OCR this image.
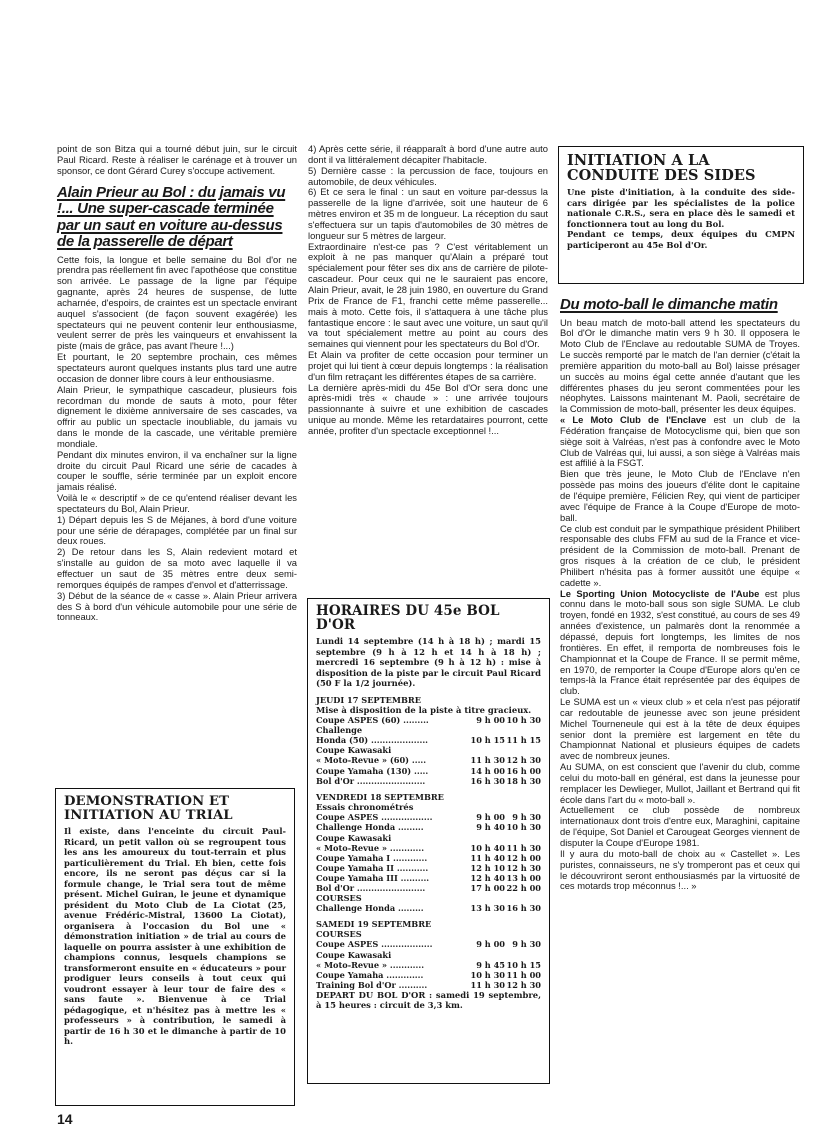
point de son Bitza qui a tourné début juin, sur le circuit Paul Ricard. Reste à réaliser le carénage et à trouver un sponsor, ce dont Gérard Curey s'occupe activement.

Alain Prieur au Bol : du jamais vu !... Une super-cascade terminée par un saut en voiture au-dessus de la passerelle de départ

Cette fois, la longue et belle semaine du Bol d'or ne prendra pas réellement fin avec l'apothéose que constitue son arrivée. Le passage de la ligne par l'équipe gagnante, après 24 heures de suspense, de lutte acharnée, d'espoirs, de craintes est un spectacle envirant auquel s'associent (de façon souvent exagérée) les spectateurs qui ne peuvent contenir leur enthousiasme, veulent serrer de près les vainqueurs et envahissent la piste (mais de grâce, pas avant l'heure !...)

Et pourtant, le 20 septembre prochain, ces mêmes spectateurs auront quelques instants plus tard une autre occasion de donner libre cours à leur enthousiasme.

Alain Prieur, le sympathique cascadeur, plusieurs fois recordman du monde de sauts à moto, pour fêter dignement le dixième anniversaire de ses cascades, va offrir au public un spectacle inoubliable, du jamais vu dans le monde de la cascade, une véritable première mondiale.

Pendant dix minutes environ, il va enchaîner sur la ligne droite du circuit Paul Ricard une série de cacades à couper le souffle, série terminée par un exploit encore jamais réalisé.

Voilà le « descriptif » de ce qu'entend réaliser devant les spectateurs du Bol, Alain Prieur.

1) Départ depuis les S de Méjanes, à bord d'une voiture pour une série de dérapages, complétée par un final sur deux roues.

2) De retour dans les S, Alain redevient motard et s'installe au guidon de sa moto avec laquelle il va effectuer un saut de 35 mètres entre deux semi-remorques équipés de rampes d'envol et d'atterrissage.

3) Début de la séance de « casse ». Alain Prieur arrivera des S à bord d'un véhicule automobile pour une série de tonneaux.

DEMONSTRATION ET INITIATION AU TRIAL

Il existe, dans l'enceinte du circuit Paul-Ricard, un petit vallon où se regroupent tous les ans les amoureux du tout-terrain et plus particulièrement du Trial. Eh bien, cette fois encore, ils ne seront pas déçus car si la formule change, le Trial sera tout de même présent. Michel Guiran, le jeune et dynamique président du Moto Club de La Ciotat (25, avenue Frédéric-Mistral, 13600 La Ciotat), organisera à l'occasion du Bol une « démonstration initiation » de trial au cours de laquelle on pourra assister à une exhibition de champions connus, lesquels champions se transformeront ensuite en « éducateurs » pour prodiguer leurs conseils à tout ceux qui voudront essayer à leur tour de faire des « sans faute ». Bienvenue à ce Trial pédagogique, et n'hésitez pas à mettre les « professeurs » à contribution, le samedi à partir de 16 h 30 et le dimanche à partir de 10 h.

4) Après cette série, il réapparaît à bord d'une autre auto dont il va littéralement décapiter l'habitacle.

5) Dernière casse : la percussion de face, toujours en automobile, de deux véhicules.

6) Et ce sera le final : un saut en voiture par-dessus la passerelle de la ligne d'arrivée, soit une hauteur de 6 mètres environ et 35 m de longueur. La réception du saut s'effectuera sur un tapis d'automobiles de 30 mètres de longueur sur 5 mètres de largeur.

Extraordinaire n'est-ce pas ? C'est véritablement un exploit à ne pas manquer qu'Alain a préparé tout spécialement pour fêter ses dix ans de carrière de pilote-cascadeur. Pour ceux qui ne le sauraient pas encore, Alain Prieur, avait, le 28 juin 1980, en ouverture du Grand Prix de France de F1, franchi cette même passerelle... mais à moto. Cette fois, il s'attaquera à une tâche plus fantastique encore : le saut avec une voiture, un saut qu'il va tout spécialement mettre au point au cours des semaines qui viennent pour les spectateurs du Bol d'Or.

Et Alain va profiter de cette occasion pour terminer un projet qui lui tient à cœur depuis longtemps : la réalisation d'un film retraçant les différentes étapes de sa carrière.

La dernière après-midi du 45e Bol d'Or sera donc une après-midi très « chaude » : une arrivée toujours passionnante à suivre et une exhibition de cascades unique au monde. Même les retardataires pourront, cette année, profiter d'un spectacle exceptionnel !...

HORAIRES DU 45e BOL D'OR

Lundi 14 septembre (14 h à 18 h) ; mardi 15 septembre (9 h à 12 h et 14 h à 18 h) ; mercredi 16 septembre (9 h à 12 h) : mise à disposition de la piste par le circuit Paul Ricard (50 F la 1/2 journée).

JEUDI 17 SEPTEMBRE

Mise à disposition de la piste à titre gracieux.

Coupe ASPES (60) .........	9 h 00	10 h 30
Challenge		
Honda (50) ....................	10 h 15	11 h 15
Coupe Kawasaki		
« Moto-Revue » (60) .....	11 h 30	12 h 30
Coupe Yamaha (130) .....	14 h 00	16 h 00
Bol d'Or ........................	16 h 30	18 h 30

VENDREDI 18 SEPTEMBRE

Essais chronométrés

Coupe ASPES ..................	9 h 00	9 h 30
Challenge Honda .........	9 h 40	10 h 30
Coupe Kawasaki		
« Moto-Revue » ............	10 h 40	11 h 30
Coupe Yamaha I ............	11 h 40	12 h 00
Coupe Yamaha II ...........	12 h 10	12 h 30
Coupe Yamaha III ..........	12 h 40	13 h 00
Bol d'Or ........................	17 h 00	22 h 00
COURSES		
Challenge Honda .........	13 h 30	16 h 30

SAMEDI 19 SEPTEMBRE

COURSES		
Coupe ASPES ..................	9 h 00	9 h 30
Coupe Kawasaki		
« Moto-Revue » ............	9 h 45	10 h 15
Coupe Yamaha .............	10 h 30	11 h 00
Training Bol d'Or ..........	11 h 30	12 h 30

DEPART DU BOL D'OR : samedi 19 septembre, à 15 heures : circuit de 3,3 km.

INITIATION A LA CONDUITE DES SIDES

Une piste d'initiation, à la conduite des side-cars dirigée par les spécialistes de la police nationale C.R.S., sera en place dès le samedi et fonctionnera tout au long du Bol.

Pendant ce temps, deux équipes du CMPN participeront au 45e Bol d'Or.

Du moto-ball le dimanche matin

Un beau match de moto-ball attend les spectateurs du Bol d'Or le dimanche matin vers 9 h 30. Il opposera le Moto Club de l'Enclave au redoutable SUMA de Troyes. Le succès remporté par le match de l'an dernier (c'était la première apparition du moto-ball au Bol) laisse présager un succès au moins égal cette année d'autant que les différentes phases du jeu seront commentées pour les néophytes. Laissons maintenant M. Paoli, secrétaire de la Commission de moto-ball, présenter les deux équipes.

« Le Moto Club de l'Enclave est un club de la Fédération française de Motocyclisme qui, bien que son siège soit à Valréas, n'est pas à confondre avec le Moto Club de Valréas qui, lui aussi, a son siège à Valréas mais est affilié à la FSGT.

Bien que très jeune, le Moto Club de l'Enclave n'en possède pas moins des joueurs d'élite dont le capitaine de l'équipe première, Félicien Rey, qui vient de participer avec l'équipe de France à la Coupe d'Europe de moto-ball.

Ce club est conduit par le sympathique président Philibert responsable des clubs FFM au sud de la France et vice-président de la Commission de moto-ball. Prenant de gros risques à la création de ce club, le président Philibert n'hésita pas à former aussitôt une équipe « cadette ».

Le Sporting Union Motocycliste de l'Aube est plus connu dans le moto-ball sous son sigle SUMA. Le club troyen, fondé en 1932, s'est constitué, au cours de ses 49 années d'existence, un palmarès dont la renommée a dépassé, depuis fort longtemps, les limites de nos frontières. En effet, il remporta de nombreuses fois le Championnat et la Coupe de France. Il se permit même, en 1970, de remporter la Coupe d'Europe alors qu'en ce temps-là la France était représentée par des équipes de club.

Le SUMA est un « vieux club » et cela n'est pas péjoratif car redoutable de jeunesse avec son jeune président Michel Tourneneule qui est à la tête de deux équipes senior dont la première est largement en tête du Championnat National et plusieurs équipes de cadets avec de nombreux jeunes.

Au SUMA, on est conscient que l'avenir du club, comme celui du moto-ball en général, est dans la jeunesse pour remplacer les Dewlieger, Mullot, Jaillant et Bertrand qui fit école dans l'art du « moto-ball ».

Actuellement ce club possède de nombreux internationaux dont trois d'entre eux, Maraghini, capitaine de l'équipe, Sot Daniel et Carougeat Georges viennent de disputer la Coupe d'Europe 1981.

Il y aura du moto-ball de choix au « Castellet ». Les puristes, connaisseurs, ne s'y tromperont pas et ceux qui le découvriront seront enthousiasmés par la virtuosité de ces motards trop méconnus !... »

14
